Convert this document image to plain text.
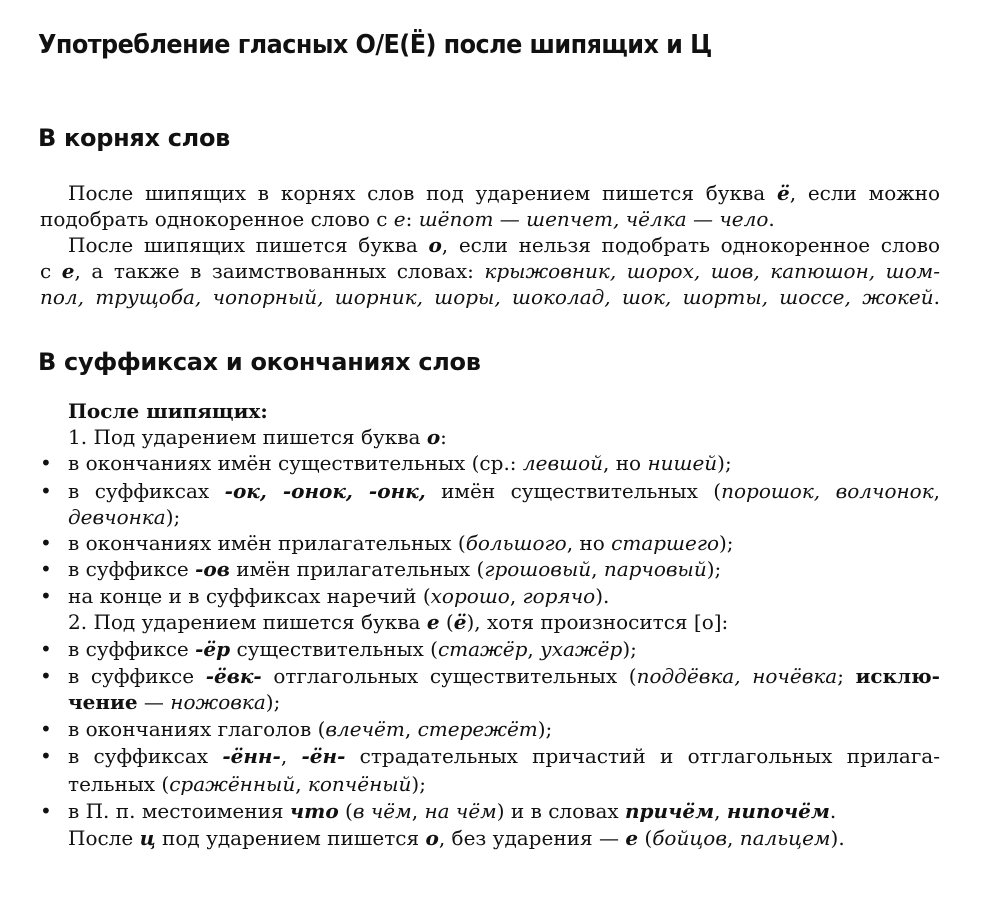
Употребление гласных О/Е(Ё) после шипящих и Ц
В корнях слов
После шипящих в корнях слов под ударением пишется буква ё, если можно
подобрать однокоренное слово с е: шёпот — шепчет, чёлка — чело.
После шипящих пишется буква о, если нельзя подобрать однокоренное слово
с е, а также в заимствованных словах: крыжовник, шорох, шов, капюшон, шом-
пол, трущоба, чопорный, шорник, шоры, шоколад, шок, шорты, шоссе, жокей.
В суффиксах и окончаниях слов
После шипящих:
1. Под ударением пишется буква о:
• в окончаниях имён существительных (ср.: левшой, но нишей);
• в суффиксах -ок, -онок, -онк, имён существительных (порошок, волчонок,
девчонка);
• в окончаниях имён прилагательных (большого, но старшего);
• в суффиксе -ов имён прилагательных (грошовый, парчовый);
• на конце и в суффиксах наречий (хорошо, горячо).
2. Под ударением пишется буква е (ё), хотя произносится [о]:
• в суффиксе -ёр существительных (стажёр, ухажёр);
• в суффиксе -ёвк- отглагольных существительных (поддёвка, ночёвка; исклю-
чение — ножовка);
• в окончаниях глаголов (влечёт, стережёт);
• в суффиксах -ённ-, -ён- страдательных причастий и отглагольных прилага-
тельных (сражённый, копчёный);
• в П. п. местоимения что (в чём, на чём) и в словах причём, нипочём.
После ц под ударением пишется о, без ударения — е (бойцов, пальцем).
